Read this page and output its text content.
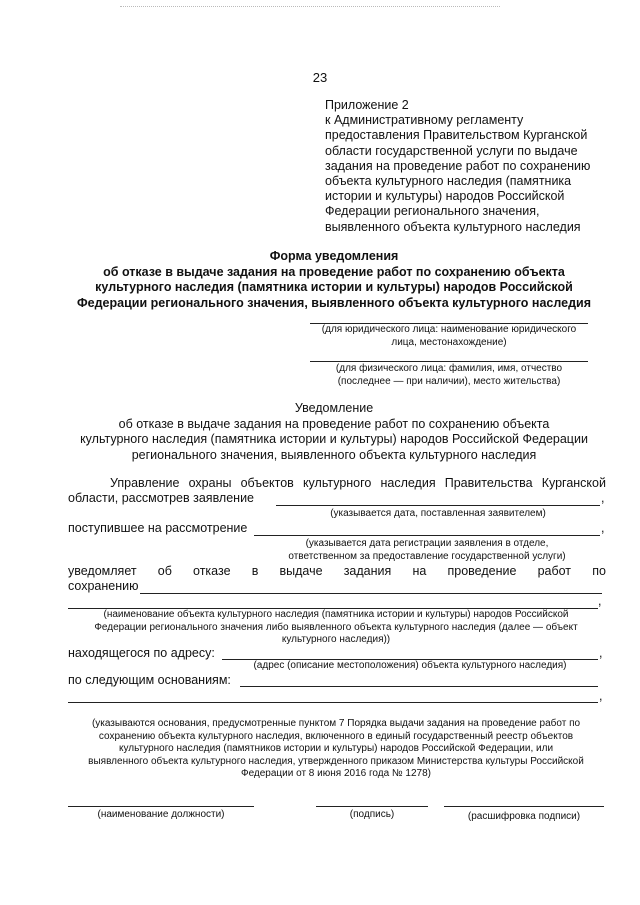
23
Приложение 2
к Административному регламенту
предоставления Правительством Курганской
области государственной услуги по выдаче
задания на проведение работ по сохранению
объекта культурного наследия (памятника
истории и культуры) народов Российской
Федерации регионального значения,
выявленного объекта культурного наследия
Форма уведомления
об отказе в выдаче задания на проведение работ по сохранению объекта
культурного наследия (памятника истории и культуры) народов Российской
Федерации регионального значения, выявленного объекта культурного наследия
(для юридического лица: наименование юридического
лица, местонахождение)
(для физического лица: фамилия, имя, отчество
(последнее — при наличии), место жительства)
Уведомление
об отказе в выдаче задания на проведение работ по сохранению объекта
культурного наследия (памятника истории и культуры) народов Российской Федерации
регионального значения, выявленного объекта культурного наследия
Управление охраны объектов культурного наследия Правительства Курганской
области, рассмотрев заявление	,
(указывается дата, поставленная заявителем)
поступившее на рассмотрение	,
(указывается дата регистрации заявления в отделе,
ответственном за предоставление государственной услуги)
уведомляет об отказе в выдаче задания на проведение работ по
сохранению
,
(наименование объекта культурного наследия (памятника истории и культуры) народов Российской
Федерации регионального значения либо выявленного объекта культурного наследия (далее — объект
культурного наследия))
находящегося по адресу:	,
(адрес (описание местоположения) объекта культурного наследия)
по следующим основаниям:
,
(указываются основания, предусмотренные пунктом 7 Порядка выдачи задания на проведение работ по
сохранению объекта культурного наследия, включенного в единый государственный реестр объектов
культурного наследия (памятников истории и культуры) народов Российской Федерации, или
выявленного объекта культурного наследия, утвержденного приказом Министерства культуры Российской
Федерации от 8 июня 2016 года № 1278)
(наименование должности)	(подпись)	(расшифровка подписи)
